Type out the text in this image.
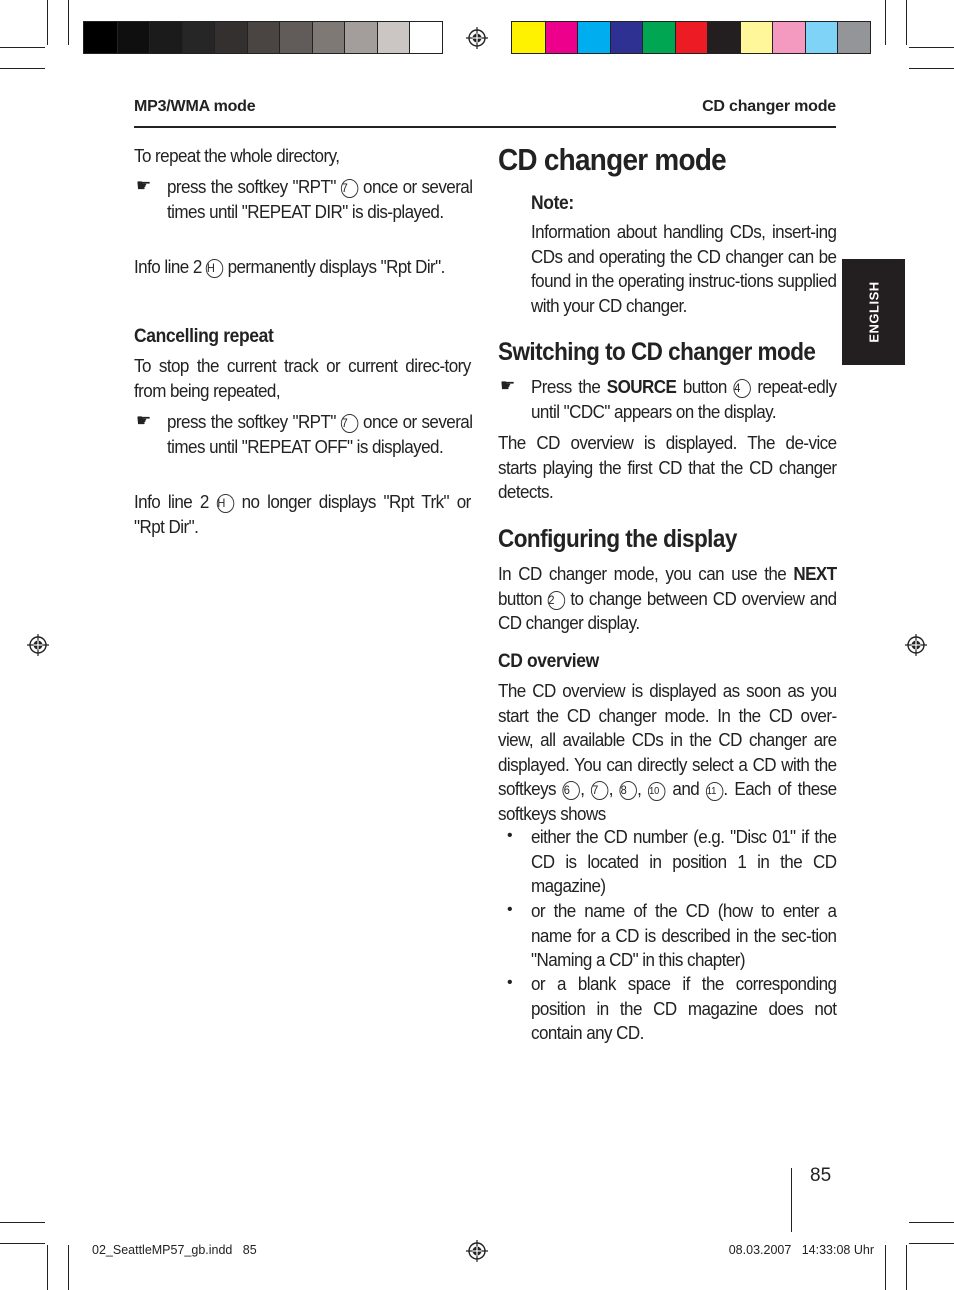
MP3/WMA mode	CD changer mode
ENGLISH
To repeat the whole directory,
☛ press the softkey "RPT" 7 once or several times until "REPEAT DIR" is dis-played.
Info line 2 H permanently displays "Rpt Dir".
Cancelling repeat
To stop the current track or current direc-tory from being repeated,
☛ press the softkey "RPT" 7 once or several times until "REPEAT OFF" is displayed.
Info line 2 H no longer displays "Rpt Trk" or "Rpt Dir".
CD changer mode
Note:
Information about handling CDs, insert-ing CDs and operating the CD changer can be found in the operating instruc-tions supplied with your CD changer.
Switching to CD changer mode
☛ Press the SOURCE button 4 repeat-edly until "CDC" appears on the display.
The CD overview is displayed. The de-vice starts playing the first CD that the CD changer detects.
Configuring the display
In CD changer mode, you can use the NEXT button 2 to change between CD overview and CD changer display.
CD overview
The CD overview is displayed as soon as you start the CD changer mode. In the CD over-view, all available CDs in the CD changer are displayed. You can directly select a CD with the softkeys 6 , 7 , 8 , 10 and 11 . Each of these softkeys shows
• either the CD number (e.g. "Disc 01" if the CD is located in position 1 in the CD magazine)
• or the name of the CD (how to enter a name for a CD is described in the sec-tion "Naming a CD" in this chapter)
• or a blank space if the corresponding position in the CD magazine does not contain any CD.
85
02_SeattleMP57_gb.indd   85	08.03.2007   14:33:08 Uhr
